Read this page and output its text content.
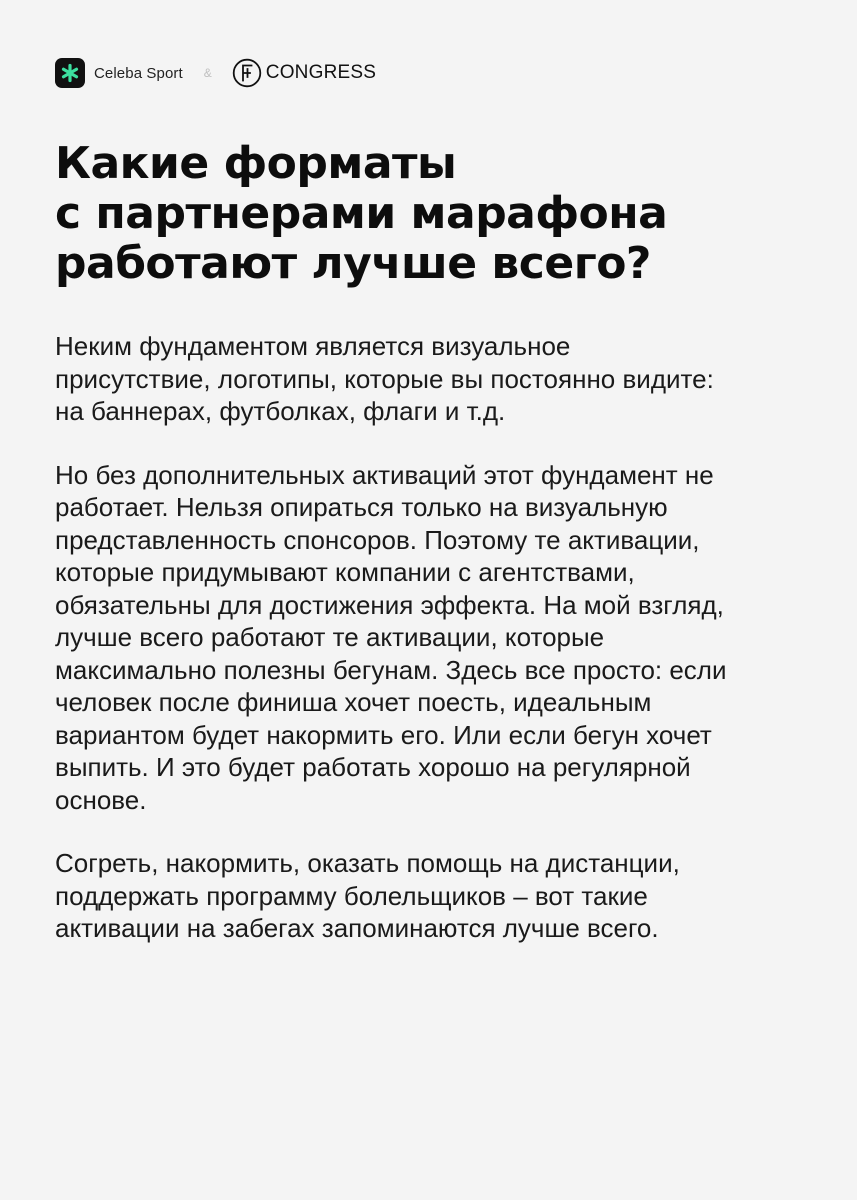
Celeba Sport &	CONGRESS
Какие форматы
с партнерами марафона
работают лучше всего?

Неким фундаментом является визуальное
присутствие, логотипы, которые вы постоянно видите:
на баннерах, футболках, флаги и т.д.

Но без дополнительных активаций этот фундамент не
работает. Нельзя опираться только на визуальную
представленность спонсоров. Поэтому те активации,
которые придумывают компании с агентствами,
обязательны для достижения эффекта. На мой взгляд,
лучше всего работают те активации, которые
максимально полезны бегунам. Здесь все просто: если
человек после финиша хочет поесть, идеальным
вариантом будет накормить его. Или если бегун хочет
выпить. И это будет работать хорошо на регулярной
основе.

Согреть, накормить, оказать помощь на дистанции,
поддержать программу болельщиков – вот такие
активации на забегах запоминаются лучше всего.
